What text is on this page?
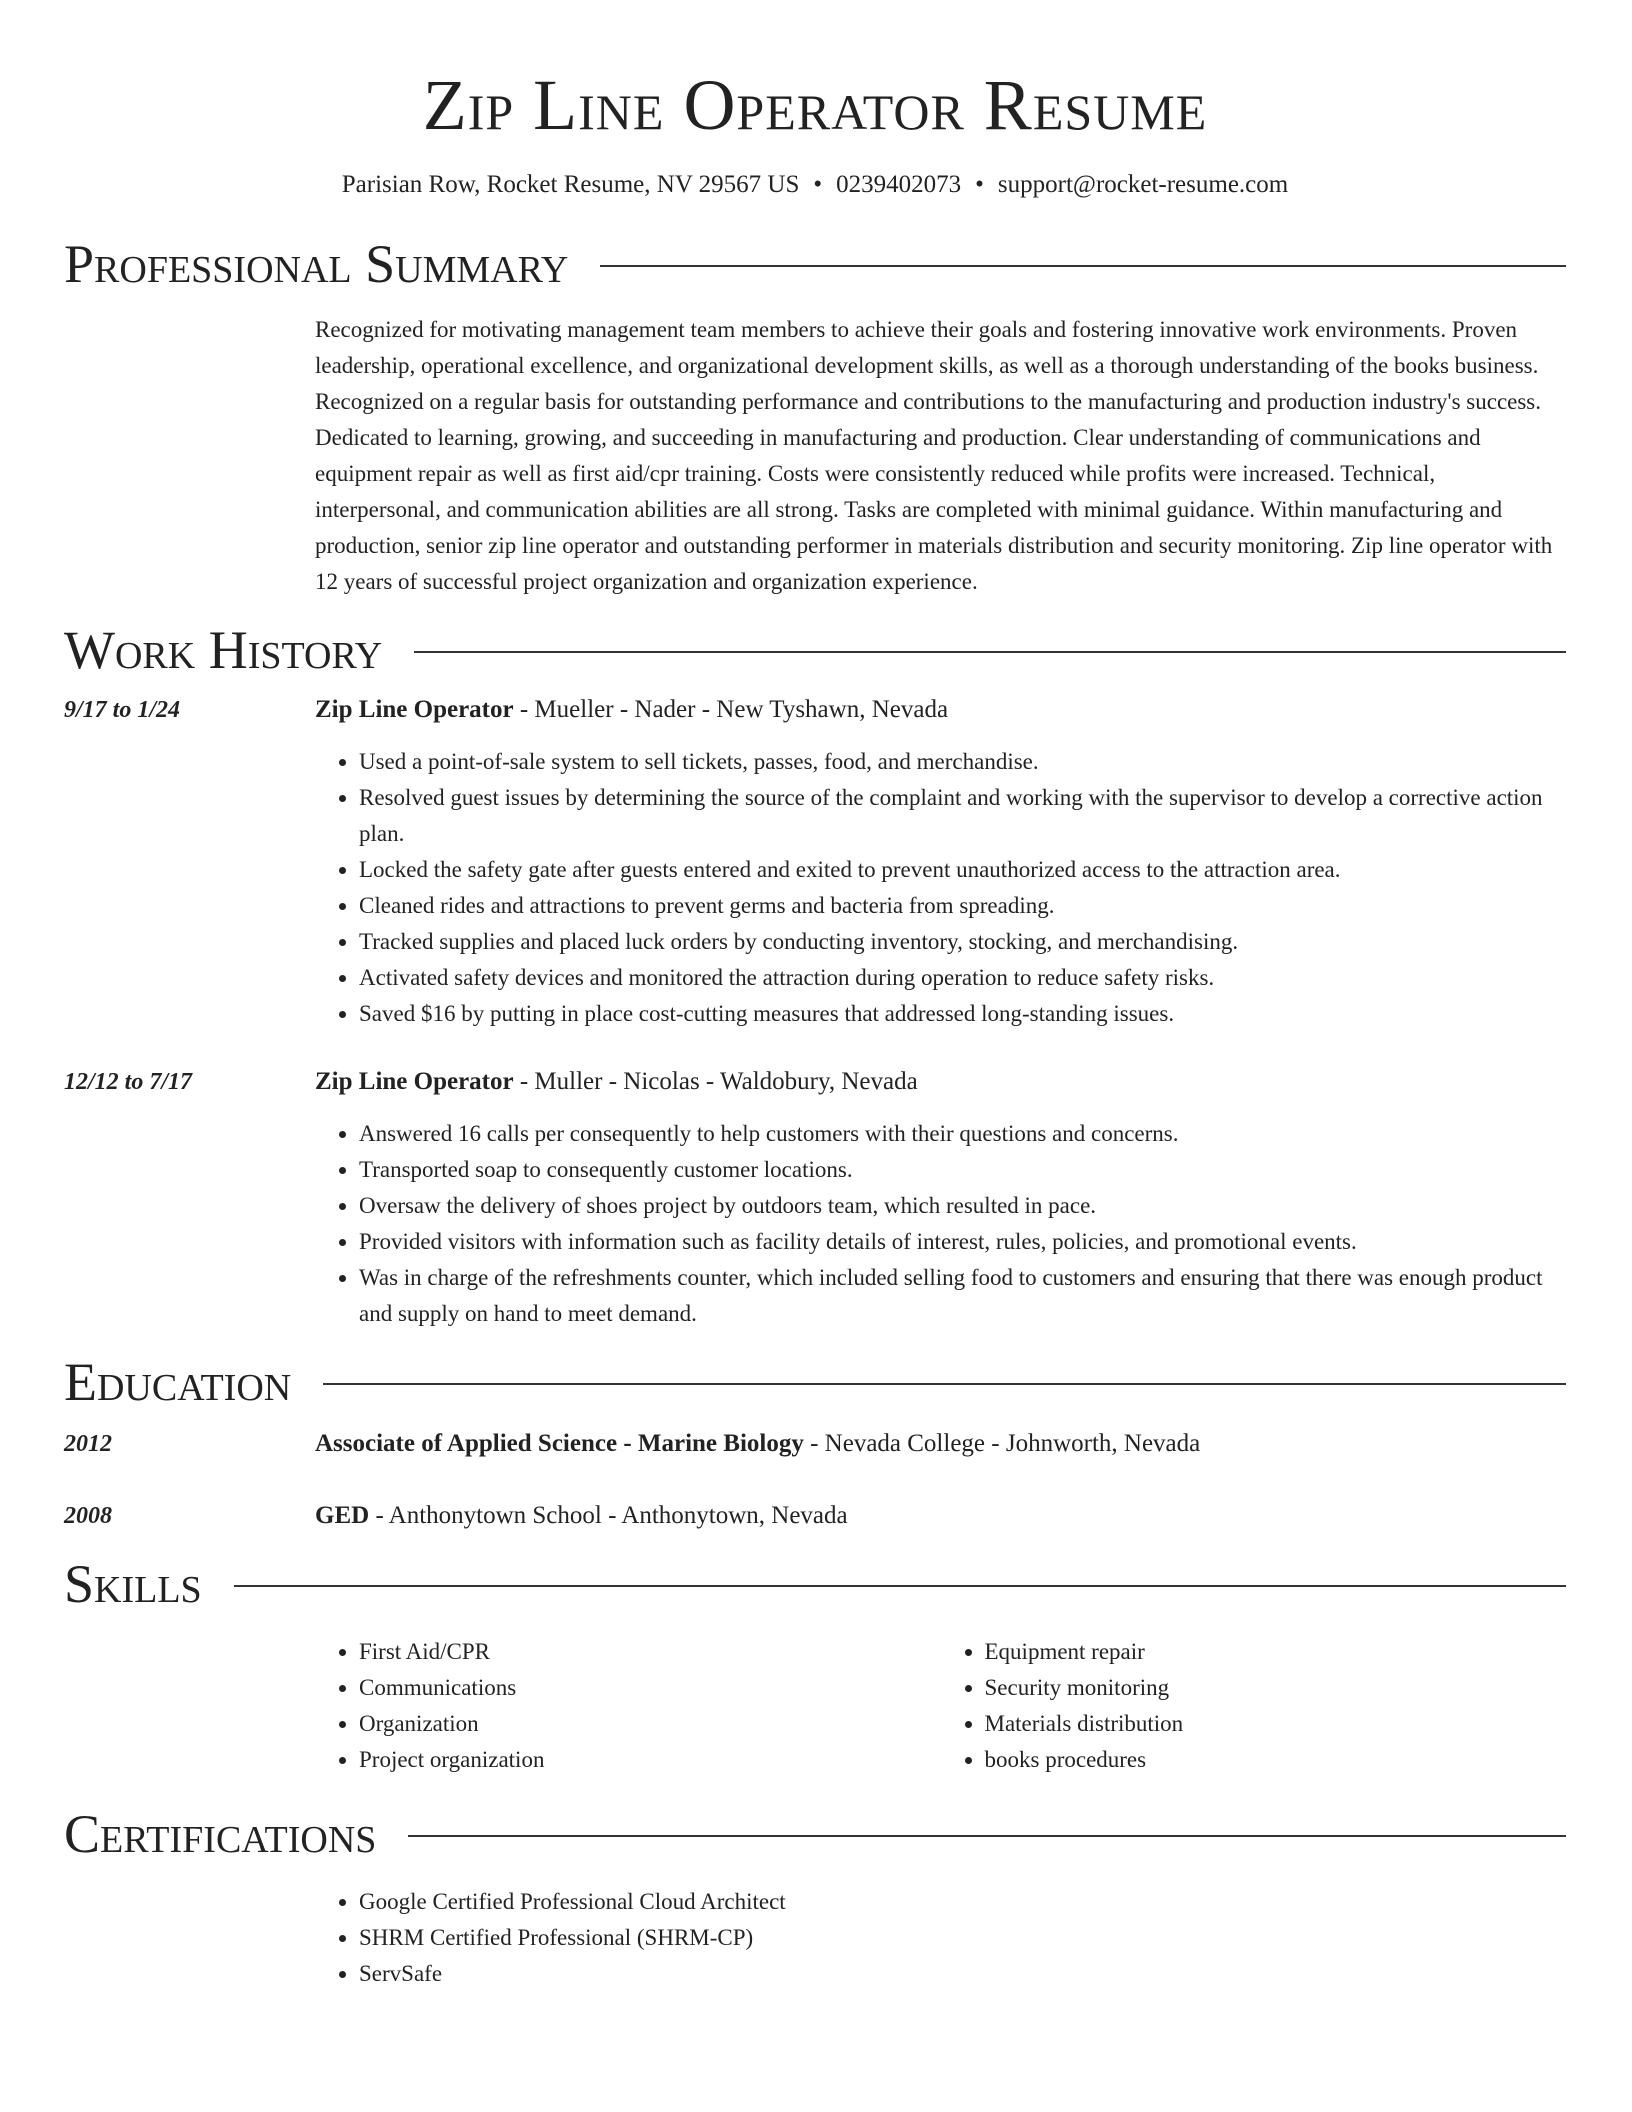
Zip Line Operator Resume
Parisian Row, Rocket Resume, NV 29567 US • 0239402073 • support@rocket-resume.com
Professional Summary
Recognized for motivating management team members to achieve their goals and fostering innovative work environments. Proven leadership, operational excellence, and organizational development skills, as well as a thorough understanding of the books business. Recognized on a regular basis for outstanding performance and contributions to the manufacturing and production industry's success. Dedicated to learning, growing, and succeeding in manufacturing and production. Clear understanding of communications and equipment repair as well as first aid/cpr training. Costs were consistently reduced while profits were increased. Technical, interpersonal, and communication abilities are all strong. Tasks are completed with minimal guidance. Within manufacturing and production, senior zip line operator and outstanding performer in materials distribution and security monitoring. Zip line operator with 12 years of successful project organization and organization experience.
Work History
9/17 to 1/24	Zip Line Operator - Mueller - Nader - New Tyshawn, Nevada
• Used a point-of-sale system to sell tickets, passes, food, and merchandise.
• Resolved guest issues by determining the source of the complaint and working with the supervisor to develop a corrective action plan.
• Locked the safety gate after guests entered and exited to prevent unauthorized access to the attraction area.
• Cleaned rides and attractions to prevent germs and bacteria from spreading.
• Tracked supplies and placed luck orders by conducting inventory, stocking, and merchandising.
• Activated safety devices and monitored the attraction during operation to reduce safety risks.
• Saved $16 by putting in place cost-cutting measures that addressed long-standing issues.
12/12 to 7/17	Zip Line Operator - Muller - Nicolas - Waldobury, Nevada
• Answered 16 calls per consequently to help customers with their questions and concerns.
• Transported soap to consequently customer locations.
• Oversaw the delivery of shoes project by outdoors team, which resulted in pace.
• Provided visitors with information such as facility details of interest, rules, policies, and promotional events.
• Was in charge of the refreshments counter, which included selling food to customers and ensuring that there was enough product and supply on hand to meet demand.
Education
2012	Associate of Applied Science - Marine Biology - Nevada College - Johnworth, Nevada
2008	GED - Anthonytown School - Anthonytown, Nevada
Skills
• First Aid/CPR
• Communications
• Organization
• Project organization
• Equipment repair
• Security monitoring
• Materials distribution
• books procedures
Certifications
• Google Certified Professional Cloud Architect
• SHRM Certified Professional (SHRM-CP)
• ServSafe
